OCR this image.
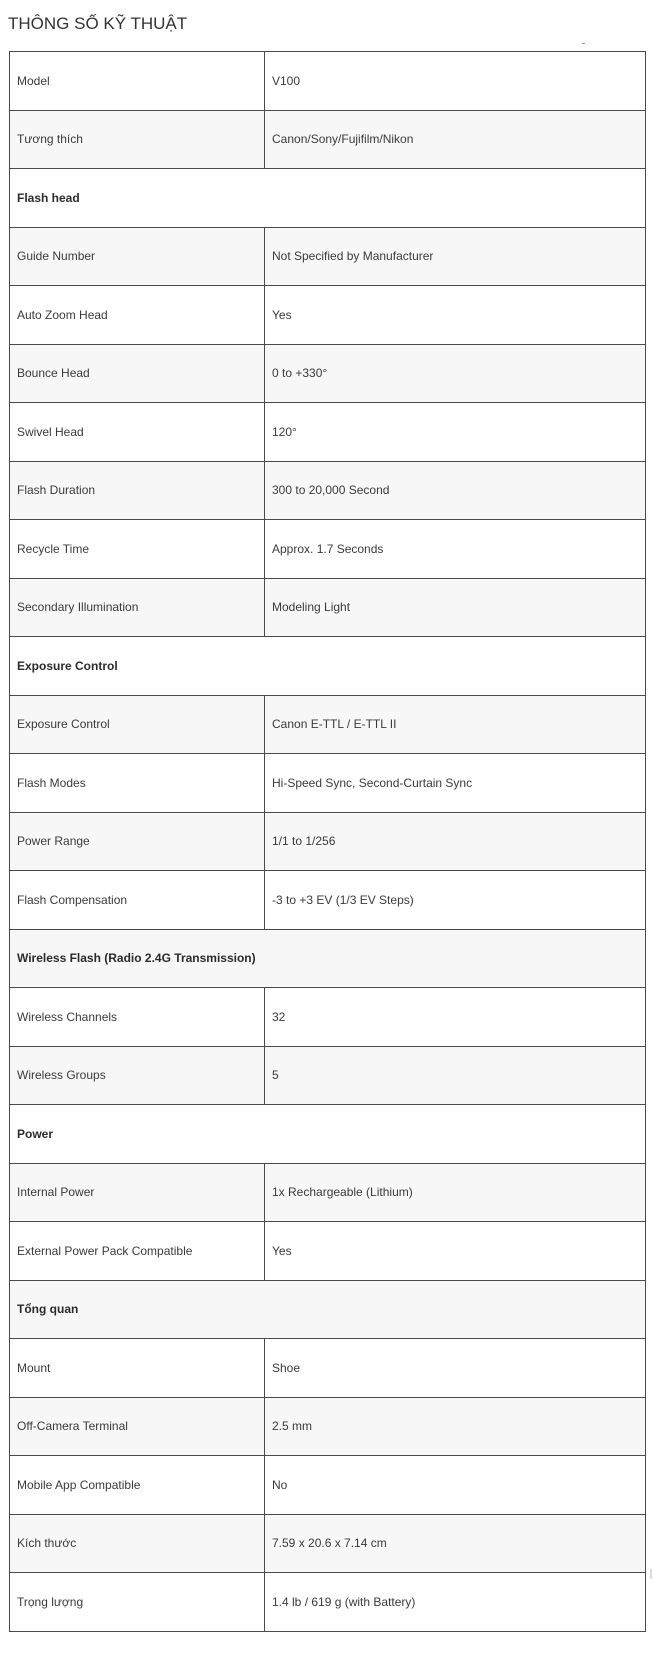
THÔNG SỐ KỸ THUẬT
Model	V100
Tương thích	Canon/Sony/Fujifilm/Nikon
Flash head	
Guide Number	Not Specified by Manufacturer
Auto Zoom Head	Yes
Bounce Head	0 to +330°
Swivel Head	120°
Flash Duration	300 to 20,000 Second
Recycle Time	Approx. 1.7 Seconds
Secondary Illumination	Modeling Light
Exposure Control	
Exposure Control	Canon E-TTL / E-TTL II
Flash Modes	Hi-Speed Sync, Second-Curtain Sync
Power Range	1/1 to 1/256
Flash Compensation	-3 to +3 EV (1/3 EV Steps)
Wireless Flash (Radio 2.4G Transmission)	
Wireless Channels	32
Wireless Groups	5
Power	
Internal Power	1x Rechargeable (Lithium)
External Power Pack Compatible	Yes
Tổng quan	
Mount	Shoe
Off-Camera Terminal	2.5 mm
Mobile App Compatible	No
Kích thước	7.59 x 20.6 x 7.14 cm
Trọng lượng	1.4 lb / 619 g (with Battery)
